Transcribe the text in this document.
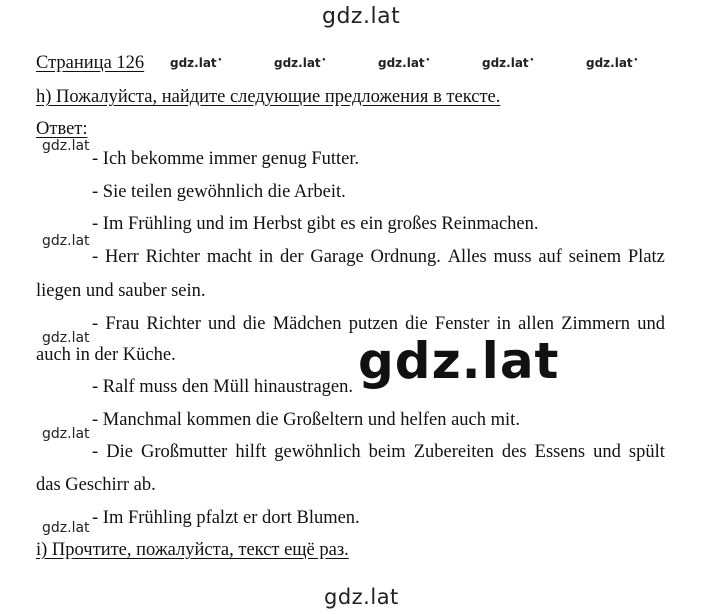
gdz.lat
Страница 126 gdz.lat •	gdz.lat •	gdz.lat •	gdz.lat •	gdz.lat •
h) Пожалуйста, найдите следующие предложения в тексте.
Ответ:
gdz.lat
- Ich bekomme immer genug Futter.
- Sie teilen gewöhnlich die Arbeit.
- Im Frühling und im Herbst gibt es ein großes Reinmachen.
gdz.lat
- Herr Richter macht in der Garage Ordnung. Alles muss auf seinem Platz
liegen und sauber sein.
- Frau Richter und die Mädchen putzen die Fenster in allen Zimmern und
gdz.lat
auch in der Küche.
- Ralf muss den Müll hinaustragen.
- Manchmal kommen die Großeltern und helfen auch mit.
gdz.lat
- Die Großmutter hilft gewöhnlich beim Zubereiten des Essens und spült
das Geschirr ab.
- Im Frühling pfalzt er dort Blumen.
gdz.lat
i) Прочтите, пожалуйста, текст ещё раз.
gdz.lat
gdz.lat
